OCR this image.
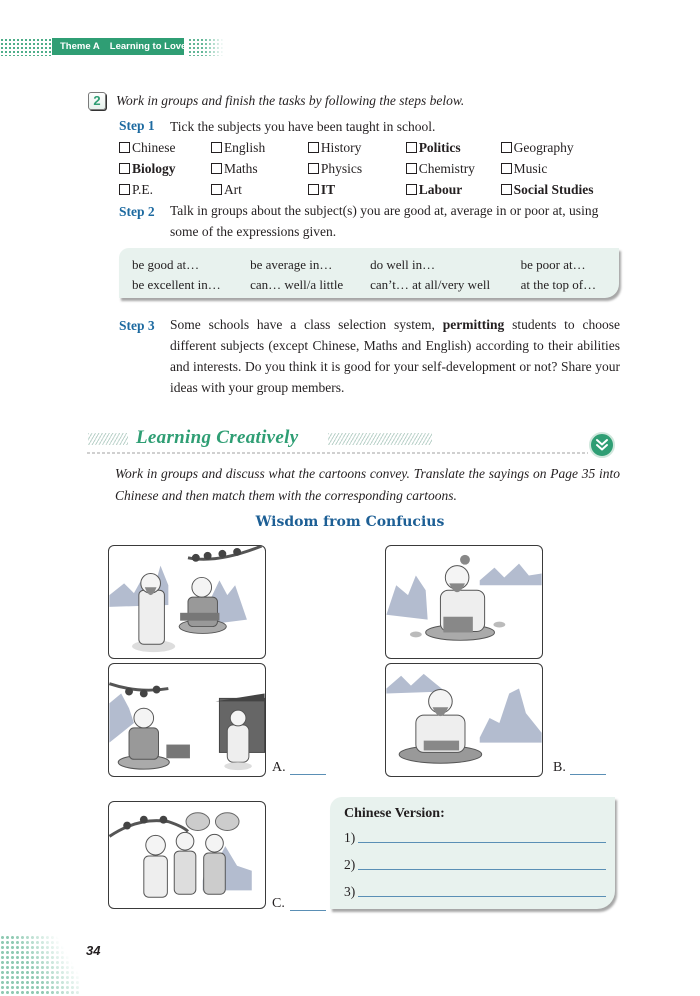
Theme A Learning to Love
2	Work in groups and finish the tasks by following the steps below.
Step 1 Tick the subjects you have been taught in school.
Chinese	English	History	Politics	Geography
Biology	Maths	Physics	Chemistry	Music
P.E.	Art	IT	Labour	Social Studies
Step 2 Talk in groups about the subject(s) you are good at, average in or poor at, using
some of the expressions given.
be good at…	be average in…	do well in…	be poor at…
be excellent in…	can… well/a little	can’t… at all/very well	at the top of…
Step 3 Some schools have a class selection system, permitting students to choose different subjects (except Chinese, Maths and English) according to their abilities and interests. Do you think it is good for your self-development or not? Share your ideas with your group members.
Learning Creatively
Work in groups and discuss what the cartoons convey. Translate the sayings on Page 35 into Chinese and then match them with the corresponding cartoons.
Wisdom from Confucius
A.	B.
C.
Chinese Version:
1)
2)
3)
34
